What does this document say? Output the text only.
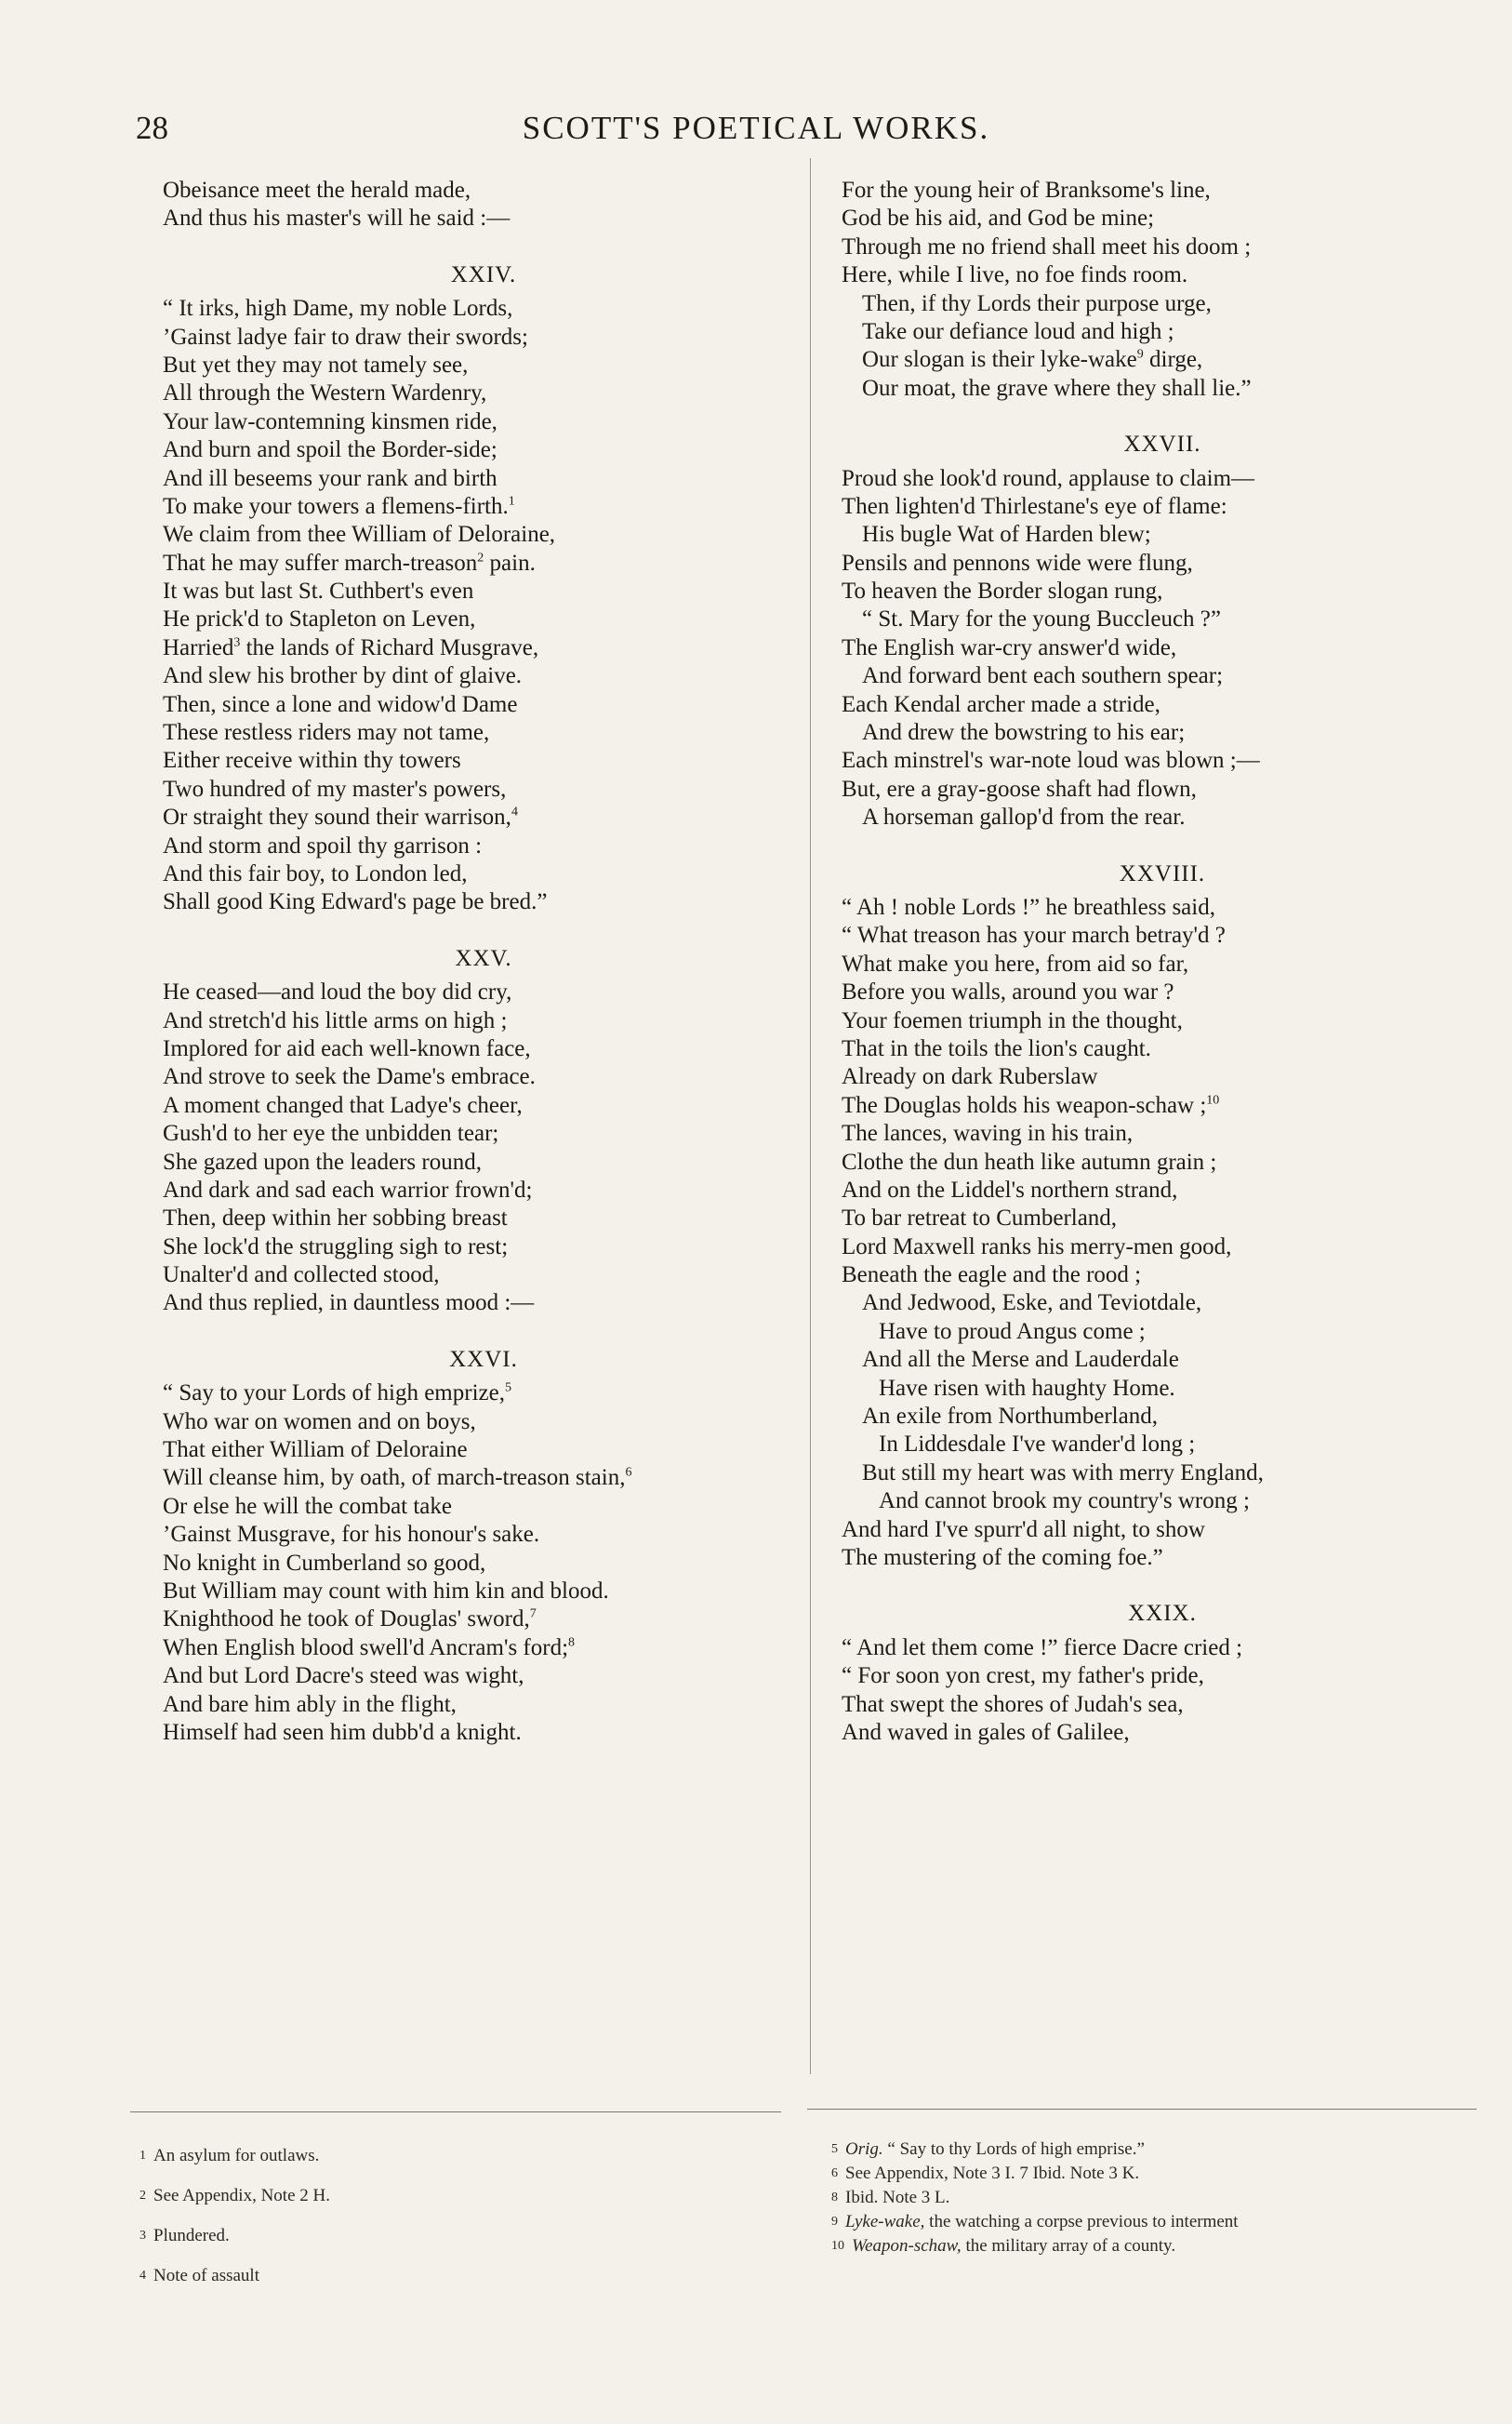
28	SCOTT'S POETICAL WORKS.
Obeisance meet the herald made,
And thus his master's will he said :—
XXIV.
“ It irks, high Dame, my noble Lords,
’Gainst ladye fair to draw their swords;
But yet they may not tamely see,
All through the Western Wardenry,
Your law-contemning kinsmen ride,
And burn and spoil the Border-side;
And ill beseems your rank and birth
To make your towers a flemens-firth.$^1$
We claim from thee William of Deloraine,
That he may suffer march-treason$^2$ pain.
It was but last St. Cuthbert's even
He prick'd to Stapleton on Leven,
Harried$^3$ the lands of Richard Musgrave,
And slew his brother by dint of glaive.
Then, since a lone and widow'd Dame
These restless riders may not tame,
Either receive within thy towers
Two hundred of my master's powers,
Or straight they sound their warrison,$^4$
And storm and spoil thy garrison :
And this fair boy, to London led,
Shall good King Edward's page be bred.”
XXV.
He ceased—and loud the boy did cry,
And stretch'd his little arms on high ;
Implored for aid each well-known face,
And strove to seek the Dame's embrace.
A moment changed that Ladye's cheer,
Gush'd to her eye the unbidden tear;
She gazed upon the leaders round,
And dark and sad each warrior frown'd;
Then, deep within her sobbing breast
She lock'd the struggling sigh to rest;
Unalter'd and collected stood,
And thus replied, in dauntless mood :—
XXVI.
“ Say to your Lords of high emprize,$^5$
Who war on women and on boys,
That either William of Deloraine
Will cleanse him, by oath, of march-treason stain,$^6$
Or else he will the combat take
’Gainst Musgrave, for his honour's sake.
No knight in Cumberland so good,
But William may count with him kin and blood.
Knighthood he took of Douglas' sword,$^7$
When English blood swell'd Ancram's ford;$^8$
And but Lord Dacre's steed was wight,
And bare him ably in the flight,
Himself had seen him dubb'd a knight.
For the young heir of Branksome's line,
God be his aid, and God be mine;
Through me no friend shall meet his doom ;
Here, while I live, no foe finds room.
Then, if thy Lords their purpose urge,
Take our defiance loud and high ;
Our slogan is their lyke-wake$^9$ dirge,
Our moat, the grave where they shall lie.”
XXVII.
Proud she look'd round, applause to claim—
Then lighten'd Thirlestane's eye of flame:
His bugle Wat of Harden blew;
Pensils and pennons wide were flung,
To heaven the Border slogan rung,
“ St. Mary for the young Buccleuch ?”
The English war-cry answer'd wide,
And forward bent each southern spear;
Each Kendal archer made a stride,
And drew the bowstring to his ear;
Each minstrel's war-note loud was blown ;—
But, ere a gray-goose shaft had flown,
A horseman gallop'd from the rear.
XXVIII.
“ Ah ! noble Lords !” he breathless said,
“ What treason has your march betray'd ?
What make you here, from aid so far,
Before you walls, around you war ?
Your foemen triumph in the thought,
That in the toils the lion's caught.
Already on dark Ruberslaw
The Douglas holds his weapon-schaw ;$^{10}$
The lances, waving in his train,
Clothe the dun heath like autumn grain ;
And on the Liddel's northern strand,
To bar retreat to Cumberland,
Lord Maxwell ranks his merry-men good,
Beneath the eagle and the rood ;
And Jedwood, Eske, and Teviotdale,
Have to proud Angus come ;
And all the Merse and Lauderdale
Have risen with haughty Home.
An exile from Northumberland,
In Liddesdale I've wander'd long ;
But still my heart was with merry England,
And cannot brook my country's wrong ;
And hard I've spurr'd all night, to show
The mustering of the coming foe.”
XXIX.
“ And let them come !” fierce Dacre cried ;
“ For soon yon crest, my father's pride,
That swept the shores of Judah's sea,
And waved in gales of Galilee,
$^1$ An asylum for outlaws.
$^2$ See Appendix, Note 2 H.
$^3$ Plundered.
$^4$ Note of assault
$^5$ Orig. “ Say to thy Lords of high emprise.”
$^6$ See Appendix, Note 3 I. 7 Ibid. Note 3 K.
$^8$ Ibid. Note 3 L.
$^9$ Lyke-wake, the watching a corpse previous to interment
$^{10}$ Weapon-schaw, the military array of a county.
